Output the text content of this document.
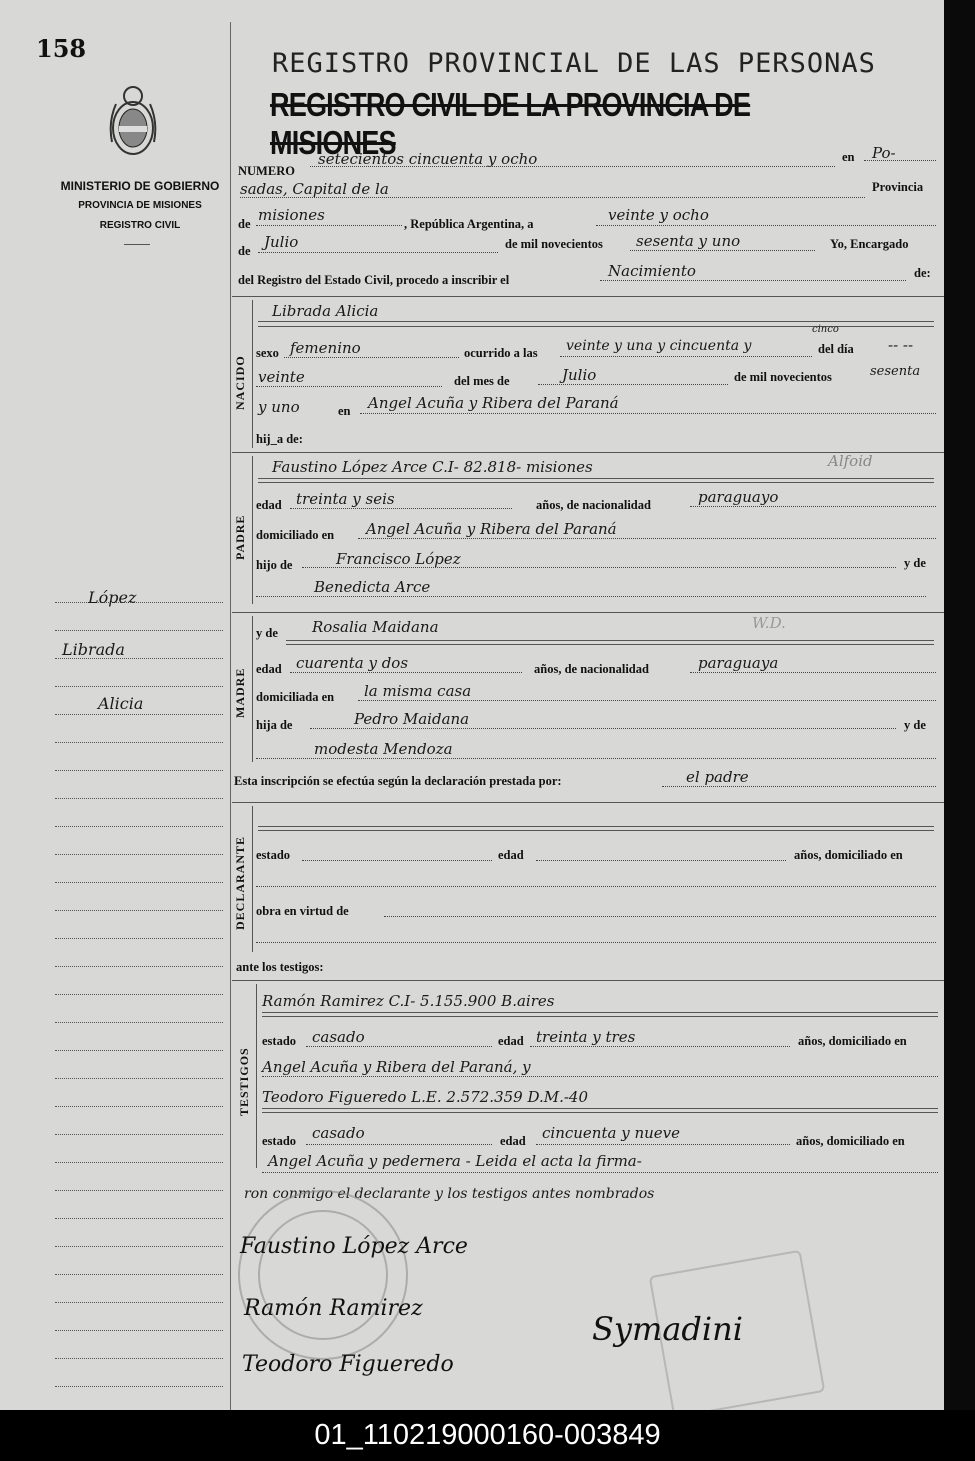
158
MINISTERIO DE GOBIERNO
PROVINCIA DE MISIONES
REGISTRO CIVIL
REGISTRO PROVINCIAL DE LAS PERSONAS
REGISTRO CIVIL DE LA PROVINCIA DE MISIONES
NUMERO
setecientos cincuenta y ocho	en Po-
sadas, Capital de la	Provincia
de misiones	, República Argentina, a	veinte y ocho
de Julio	de mil novecientos sesenta y uno	Yo, Encargado
del Registro del Estado Civil, procedo a inscribir el	Nacimiento	de:
NACIDO
Librada Alicia
sexo femenino	ocurrido a las veinte y una y cincuenta y
cinco
del día -- --
veinte	del mes de	Julio	de mil novecientos	sesenta
y uno	en Angel Acuña y Ribera del Paraná
hij_a de:
PADRE
Faustino López Arce C.I- 82.818- misiones	Alfoid
edad treinta y seis	años, de nacionalidad	paraguayo
domiciliado en Angel Acuña y Ribera del Paraná
hijo de	Francisco López	y de
Benedicta Arce
MADRE
y de Rosalia Maidana	W.D.
edad cuarenta y dos	años, de nacionalidad	paraguaya
domiciliada en la misma casa
hija de	Pedro Maidana	y de
modesta Mendoza
Esta inscripción se efectúa según la declaración prestada por:	el padre
DECLARANTE estado	edad	años, domiciliado en
obra en virtud de
ante los testigos:
TESTIGOS
Ramón Ramirez C.I- 5.155.900 B.aires
estado casado	edad treinta y tres	años, domiciliado en
Angel Acuña y Ribera del Paraná, y
Teodoro Figueredo L.E. 2.572.359 D.M.-40
estado casado	edad cincuenta y nueve	años, domiciliado en
Angel Acuña y pedernera - Leida el acta la firma-
ron conmigo el declarante y los testigos antes nombrados
Faustino López Arce
Ramón Ramirez
Teodoro Figueredo
Symadini
López
Librada
Alicia
01_110219000160-003849
